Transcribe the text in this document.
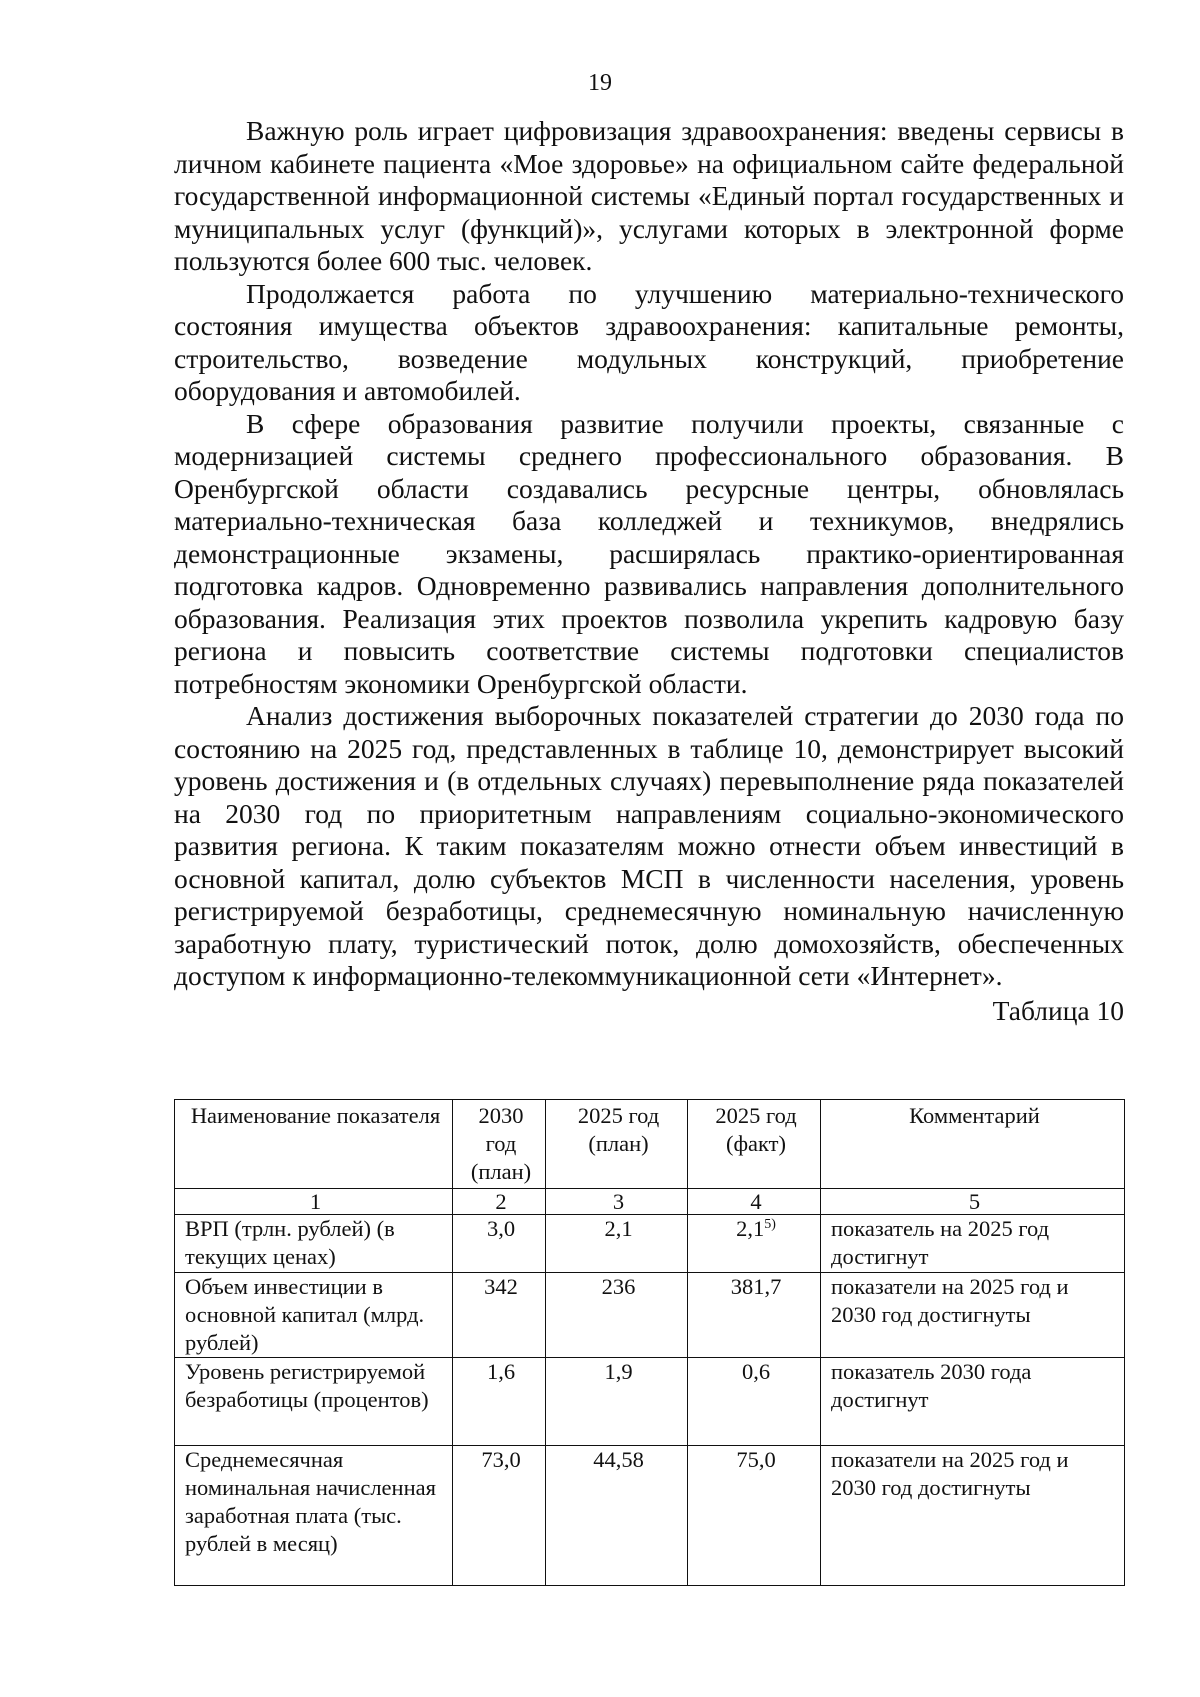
19

Важную роль играет цифровизация здравоохранения: введены сервисы в личном кабинете пациента «Мое здоровье» на официальном сайте федеральной государственной информационной системы «Единый портал государственных и муниципальных услуг (функций)», услугами которых в электронной форме пользуются более 600 тыс. человек.

Продолжается работа по улучшению материально-технического состояния имущества объектов здравоохранения: капитальные ремонты, строительство, возведение модульных конструкций, приобретение оборудования и автомобилей.

В сфере образования развитие получили проекты, связанные с модернизацией системы среднего профессионального образования. В Оренбургской области создавались ресурсные центры, обновлялась материально-техническая база колледжей и техникумов, внедрялись демонстрационные экзамены, расширялась практико-ориентированная подготовка кадров. Одновременно развивались направления дополнительного образования. Реализация этих проектов позволила укрепить кадровую базу региона и повысить соответствие системы подготовки специалистов потребностям экономики Оренбургской области.

Анализ достижения выборочных показателей стратегии до 2030 года по состоянию на 2025 год, представленных в таблице 10, демонстрирует высокий уровень достижения и (в отдельных случаях) перевыполнение ряда показателей на 2030 год по приоритетным направлениям социально-экономического развития региона. К таким показателям можно отнести объем инвестиций в основной капитал, долю субъектов МСП в численности населения, уровень регистрируемой безработицы, среднемесячную номинальную начисленную заработную плату, туристический поток, долю домохозяйств, обеспеченных доступом к информационно-телекоммуникационной сети «Интернет».

Таблица 10

Наименование показателя	2030 год (план)	2025 год (план)	2025 год (факт)	Комментарий
1	2	3	4	5
ВРП (трлн. рублей) (в текущих ценах)	3,0	2,1	2,1$^{5)}$	показатель на 2025 год достигнут
Объем инвестиции в основной капитал (млрд. рублей)	342	236	381,7	показатели на 2025 год и 2030 год достигнуты
Уровень регистрируемой безработицы (процентов)	1,6	1,9	0,6	показатель 2030 года достигнут
Среднемесячная номинальная начисленная заработная плата (тыс. рублей в месяц)	73,0	44,58	75,0	показатели на 2025 год и 2030 год достигнуты
